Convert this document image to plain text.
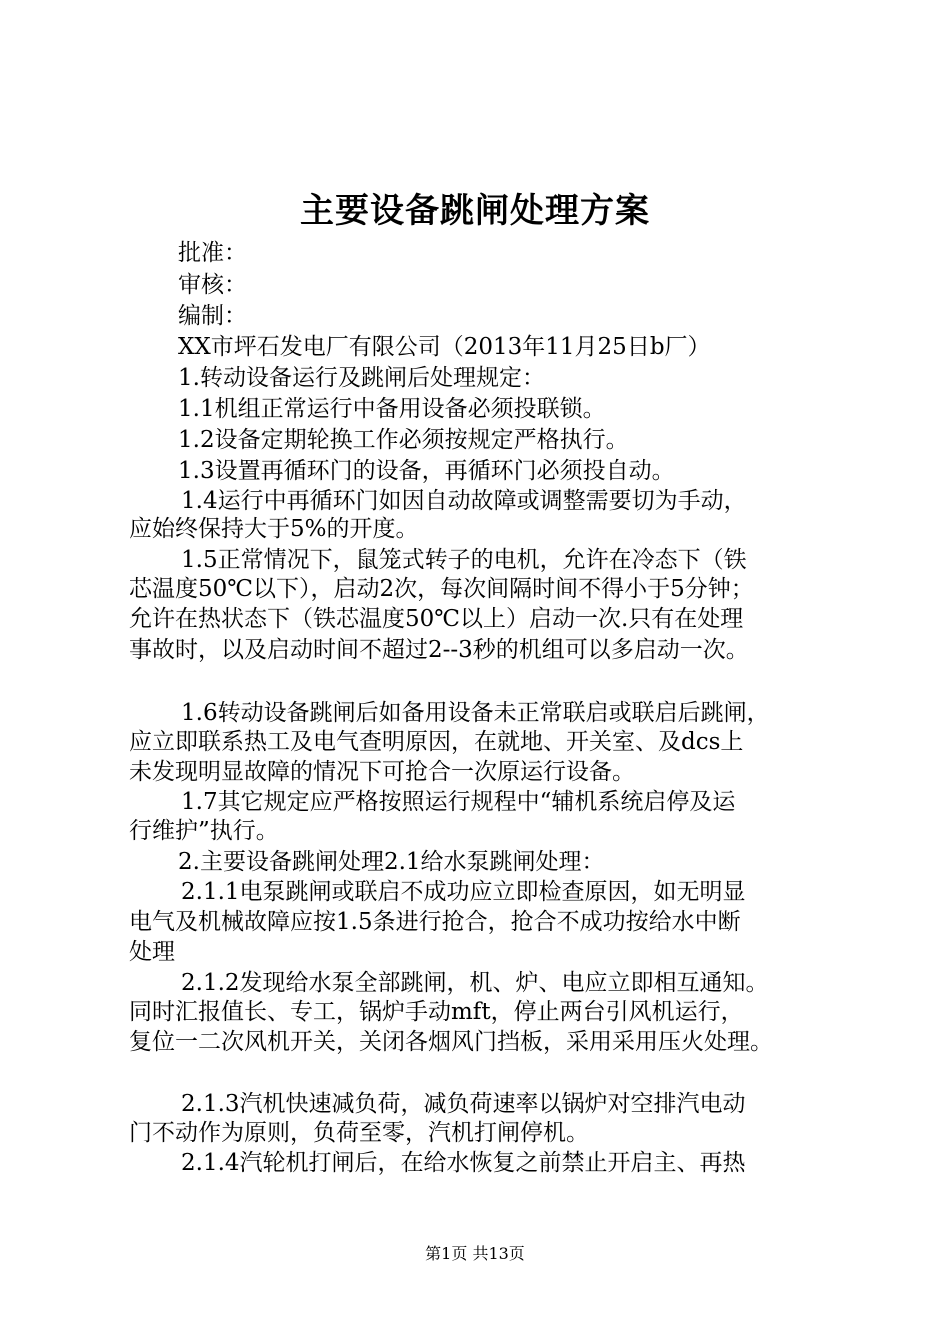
主要设备跳闸处理方案
批准：
审核：
编制：
XX市坪石发电厂有限公司（2013年11月25日b厂）
1.转动设备运行及跳闸后处理规定：
1.1机组正常运行中备用设备必须投联锁。
1.2设备定期轮换工作必须按规定严格执行。
1.3设置再循环门的设备，再循环门必须投自动。
1.4运行中再循环门如因自动故障或调整需要切为手动，
应始终保持大于5%的开度。
1.5正常情况下，鼠笼式转子的电机，允许在冷态下（铁
芯温度50℃以下），启动2次，每次间隔时间不得小于5分钟；
允许在热状态下（铁芯温度50℃以上）启动一次.只有在处理
事故时，以及启动时间不超过2--3秒的机组可以多启动一次。
1.6转动设备跳闸后如备用设备未正常联启或联启后跳闸，
应立即联系热工及电气查明原因，在就地、开关室、及dcs上
未发现明显故障的情况下可抢合一次原运行设备。
1.7其它规定应严格按照运行规程中“辅机系统启停及运
行维护”执行。
2.主要设备跳闸处理2.1给水泵跳闸处理：
2.1.1电泵跳闸或联启不成功应立即检查原因，如无明显
电气及机械故障应按1.5条进行抢合，抢合不成功按给水中断
处理
2.1.2发现给水泵全部跳闸，机、炉、电应立即相互通知。
同时汇报值长、专工，锅炉手动mft，停止两台引风机运行，
复位一二次风机开关，关闭各烟风门挡板，采用采用压火处理。
2.1.3汽机快速减负荷，减负荷速率以锅炉对空排汽电动
门不动作为原则，负荷至零，汽机打闸停机。
2.1.4汽轮机打闸后，在给水恢复之前禁止开启主、再热
第1页 共13页
